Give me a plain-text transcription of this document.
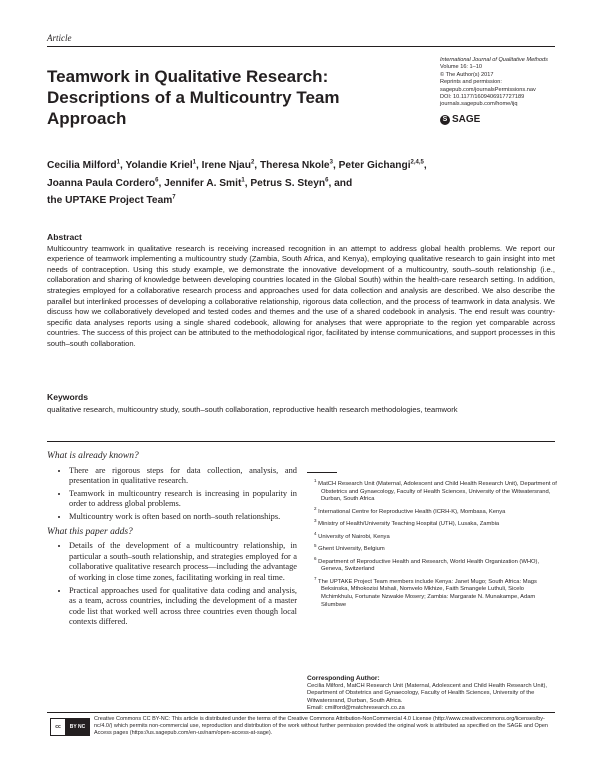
Article
Teamwork in Qualitative Research: Descriptions of a Multicountry Team Approach
International Journal of Qualitative Methods
Volume 16: 1–10
© The Author(s) 2017
Reprints and permission:
sagepub.com/journalsPermissions.nav
DOI: 10.1177/1609406917727189
journals.sagepub.com/home/ijq
S SAGE
Cecilia Milford$^1$, Yolandie Kriel$^1$, Irene Njau$^2$, Theresa Nkole$^3$, Peter Gichangi$^{2,4,5}$,
Joanna Paula Cordero$^6$, Jennifer A. Smit$^1$, Petrus S. Steyn$^6$, and
the UPTAKE Project Team$^7$
Abstract

Multicountry teamwork in qualitative research is receiving increased recognition in an attempt to address global health problems. We report our experience of teamwork implementing a multicountry study (Zambia, South Africa, and Kenya), employing qualitative research to gain insight into met needs of contraception. Using this study example, we demonstrate the innovative development of a multicountry, south–south relationship (i.e., collaboration and sharing of knowledge between developing countries located in the Global South) within the health-care research setting. In addition, strategies employed for a collaborative research process and approaches used for data collection and analysis are described. We also describe the parallel but interlinked processes of developing a collaborative relationship, rigorous data collection, and the process of teamwork in data analysis. We discuss how we collaboratively developed and tested codes and themes and the use of a shared codebook in analysis. The end result was country-specific data analyses reports using a single shared codebook, allowing for analyses that were appropriate to the region yet comparable across countries. The success of this project can be attributed to the methodological rigor, facilitated by intense communications, and support processes in this south–south collaboration.

Keywords
qualitative research, multicountry study, south–south collaboration, reproductive health research methodologies, teamwork
What is already known?
• There are rigorous steps for data collection, analysis, and presentation in qualitative research.
• Teamwork in multicountry research is increasing in popularity in order to address global problems.
• Multicountry work is often based on north–south relationships.
What this paper adds?
• Details of the development of a multicountry relationship, in particular a south–south relationship, and strategies employed for a collaborative qualitative research process—including the advantage of working in close time zones, facilitating working in real time.
• Practical approaches used for qualitative data coding and analysis, as a team, across countries, including the development of a master code list that worked well across three countries even though local contexts differed.
$^1$ MatCH Research Unit (Maternal, Adolescent and Child Health Research Unit), Department of Obstetrics and Gynaecology, Faculty of Health Sciences, University of the Witwatersrand, Durban, South Africa
$^2$ International Centre for Reproductive Health (ICRH-K), Mombasa, Kenya
$^3$ Ministry of Health/University Teaching Hospital (UTH), Lusaka, Zambia
$^4$ University of Nairobi, Kenya
$^5$ Ghent University, Belgium
$^6$ Department of Reproductive Health and Research, World Health Organization (WHO), Geneva, Switzerland
$^7$ The UPTAKE Project Team members include Kenya: Janet Mugo; South Africa: Mags Beksinska, Mthokozisi Mshali, Nomvelo Mkhize, Faith Smangele Luthuli, Sicelo Mchimkhulu, Fortunate Nzwakie Mosery; Zambia: Margarate N. Munakampe, Adam Silumbwe
Corresponding Author:
Cecilia Milford, MatCH Research Unit (Maternal, Adolescent and Child Health Research Unit), Department of Obstetrics and Gynaecology, Faculty of Health Sciences, University of the Witwatersrand, Durban, South Africa.
Email: cmilford@matchresearch.co.za
cc	BY NC
Creative Commons CC BY-NC: This article is distributed under the terms of the Creative Commons Attribution-NonCommercial 4.0 License (http://www.creativecommons.org/licenses/by-nc/4.0/) which permits non-commercial use, reproduction and distribution of the work without further permission provided the original work is attributed as specified on the SAGE and Open Access pages (https://us.sagepub.com/en-us/nam/open-access-at-sage).
